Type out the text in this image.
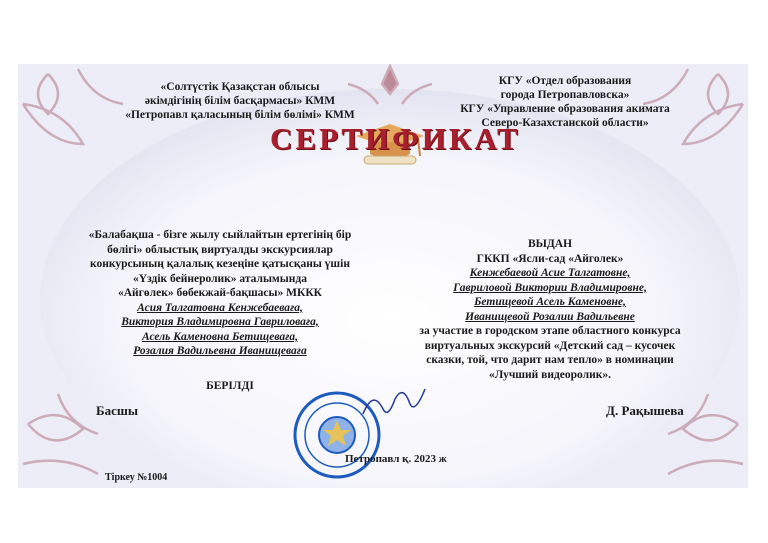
«Солтүстік Қазақстан облысы
әкімдігінің білім басқармасы» КММ
«Петропавл қаласының білім бөлімі» КММ
КГУ «Отдел образования
города Петропавловска»
КГУ «Управление образования акимата
Северо-Казахстанской области»
СЕРТИФИКАТ
«Балабақша - бізге жылу сыйлайтын ертегінің бір
бөлігі» облыстық виртуалды экскурсиялар
конкурсының қалалық кезеңіне қатысқаны үшін
«Үздік бейнеролик» аталымында
«Айгөлек» бөбекжай-бақшасы» МККК
Асия Талгатовна Кенжебаеваға,
Виктория Владимировна Гавриловаға,
Асель Каменовна Бетищеваға,
Розалия Вадильевна Иванищеваға
БЕРІЛДІ
ВЫДАН
ГККП «Ясли-сад «Айголек»
Кенжебаевой Асие Талгатовне,
Гавриловой Виктории Владимировне,
Бетищевой Асель Каменовне,
Иванищевой Розалии Вадильевне
за участие в городском этапе областного конкурса
виртуальных экскурсий «Детский сад – кусочек
сказки, той, что дарит нам тепло» в номинации
«Лучший видеоролик».
Басшы	Д. Рақышева
Петропавл қ. 2023 ж
Тіркеу №1004
